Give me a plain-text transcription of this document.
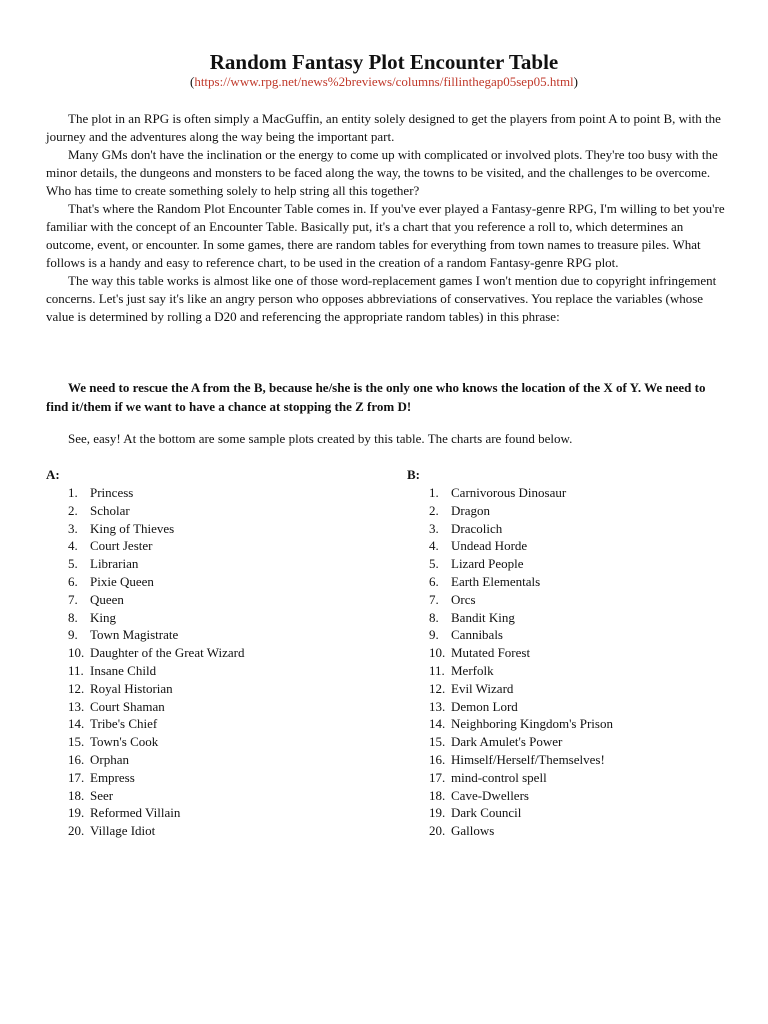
Random Fantasy Plot Encounter Table
(https://www.rpg.net/news%2breviews/columns/fillinthegap05sep05.html)

The plot in an RPG is often simply a MacGuffin, an entity solely designed to get the players from point A to point B, with the journey and the adventures along the way being the important part.

Many GMs don't have the inclination or the energy to come up with complicated or involved plots. They're too busy with the minor details, the dungeons and monsters to be faced along the way, the towns to be visited, and the challenges to be overcome. Who has time to create something solely to help string all this together?

That's where the Random Plot Encounter Table comes in. If you've ever played a Fantasy-genre RPG, I'm willing to bet you're familiar with the concept of an Encounter Table. Basically put, it's a chart that you reference a roll to, which determines an outcome, event, or encounter. In some games, there are random tables for everything from town names to treasure piles. What follows is a handy and easy to reference chart, to be used in the creation of a random Fantasy-genre RPG plot.

The way this table works is almost like one of those word-replacement games I won't mention due to copyright infringement concerns. Let's just say it's like an angry person who opposes abbreviations of conservatives. You replace the variables (whose value is determined by rolling a D20 and referencing the appropriate random tables) in this phrase:

We need to rescue the A from the B, because he/she is the only one who knows the location of the X of Y. We need to find it/them if we want to have a chance at stopping the Z from D!

See, easy! At the bottom are some sample plots created by this table. The charts are found below.

A:
1. Princess
2. Scholar
3. King of Thieves
4. Court Jester
5. Librarian
6. Pixie Queen
7. Queen
8. King
9. Town Magistrate
10. Daughter of the Great Wizard
11. Insane Child
12. Royal Historian
13. Court Shaman
14. Tribe's Chief
15. Town's Cook
16. Orphan
17. Empress
18. Seer
19. Reformed Villain
20. Village Idiot
B:
1. Carnivorous Dinosaur
2. Dragon
3. Dracolich
4. Undead Horde
5. Lizard People
6. Earth Elementals
7. Orcs
8. Bandit King
9. Cannibals
10. Mutated Forest
11. Merfolk
12. Evil Wizard
13. Demon Lord
14. Neighboring Kingdom's Prison
15. Dark Amulet's Power
16. Himself/Herself/Themselves!
17. mind-control spell
18. Cave-Dwellers
19. Dark Council
20. Gallows
